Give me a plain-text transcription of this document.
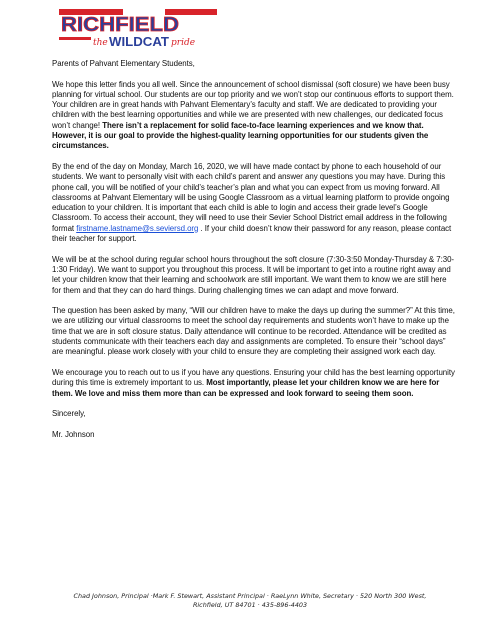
RICHFIELD
the WILDCAT pride

Parents of Pahvant Elementary Students,

We hope this letter finds you all well. Since the announcement of school dismissal (soft closure) we have been busy planning for virtual school. Our students are our top priority and we won’t stop our continuous efforts to support them. Your children are in great hands with Pahvant Elementary’s faculty and staff. We are dedicated to providing your children with the best learning opportunities and while we are presented with new challenges, our dedicated focus won’t change! There isn’t a replacement for solid face-to-face learning experiences and we know that. However, it is our goal to provide the highest-quality learning opportunities for our students given the circumstances.

By the end of the day on Monday, March 16, 2020, we will have made contact by phone to each household of our students. We want to personally visit with each child’s parent and answer any questions you may have. During this phone call, you will be notified of your child’s teacher’s plan and what you can expect from us moving forward. All classrooms at Pahvant Elementary will be using Google Classroom as a virtual learning platform to provide ongoing education to your children. It is important that each child is able to login and access their grade level’s Google Classroom. To access their account, they will need to use their Sevier School District email address in the following format firstname.lastname@s.seviersd.org . If your child doesn’t know their password for any reason, please contact their teacher for support.

We will be at the school during regular school hours throughout the soft closure (7:30-3:50 Monday-Thursday & 7:30-1:30 Friday). We want to support you throughout this process. It will be important to get into a routine right away and let your children know that their learning and schoolwork are still important. We want them to know we are still here for them and that they can do hard things. During challenging times we can adapt and move forward.

The question has been asked by many, “Will our children have to make the days up during the summer?” At this time, we are utilizing our virtual classrooms to meet the school day requirements and students won’t have to make up the time that we are in soft closure status. Daily attendance will continue to be recorded. Attendance will be credited as students communicate with their teachers each day and assignments are completed. To ensure their “school days” are meaningful. please work closely with your child to ensure they are completing their assigned work each day.

We encourage you to reach out to us if you have any questions. Ensuring your child has the best learning opportunity during this time is extremely important to us. Most importantly, please let your children know we are here for them. We love and miss them more than can be expressed and look forward to seeing them soon.

Sincerely,

Mr. Johnson

Chad Johnson, Principal ·Mark F. Stewart, Assistant Principal · RaeLynn White, Secretary · 520 North 300 West,
Richfield, UT 84701 · 435-896-4403
